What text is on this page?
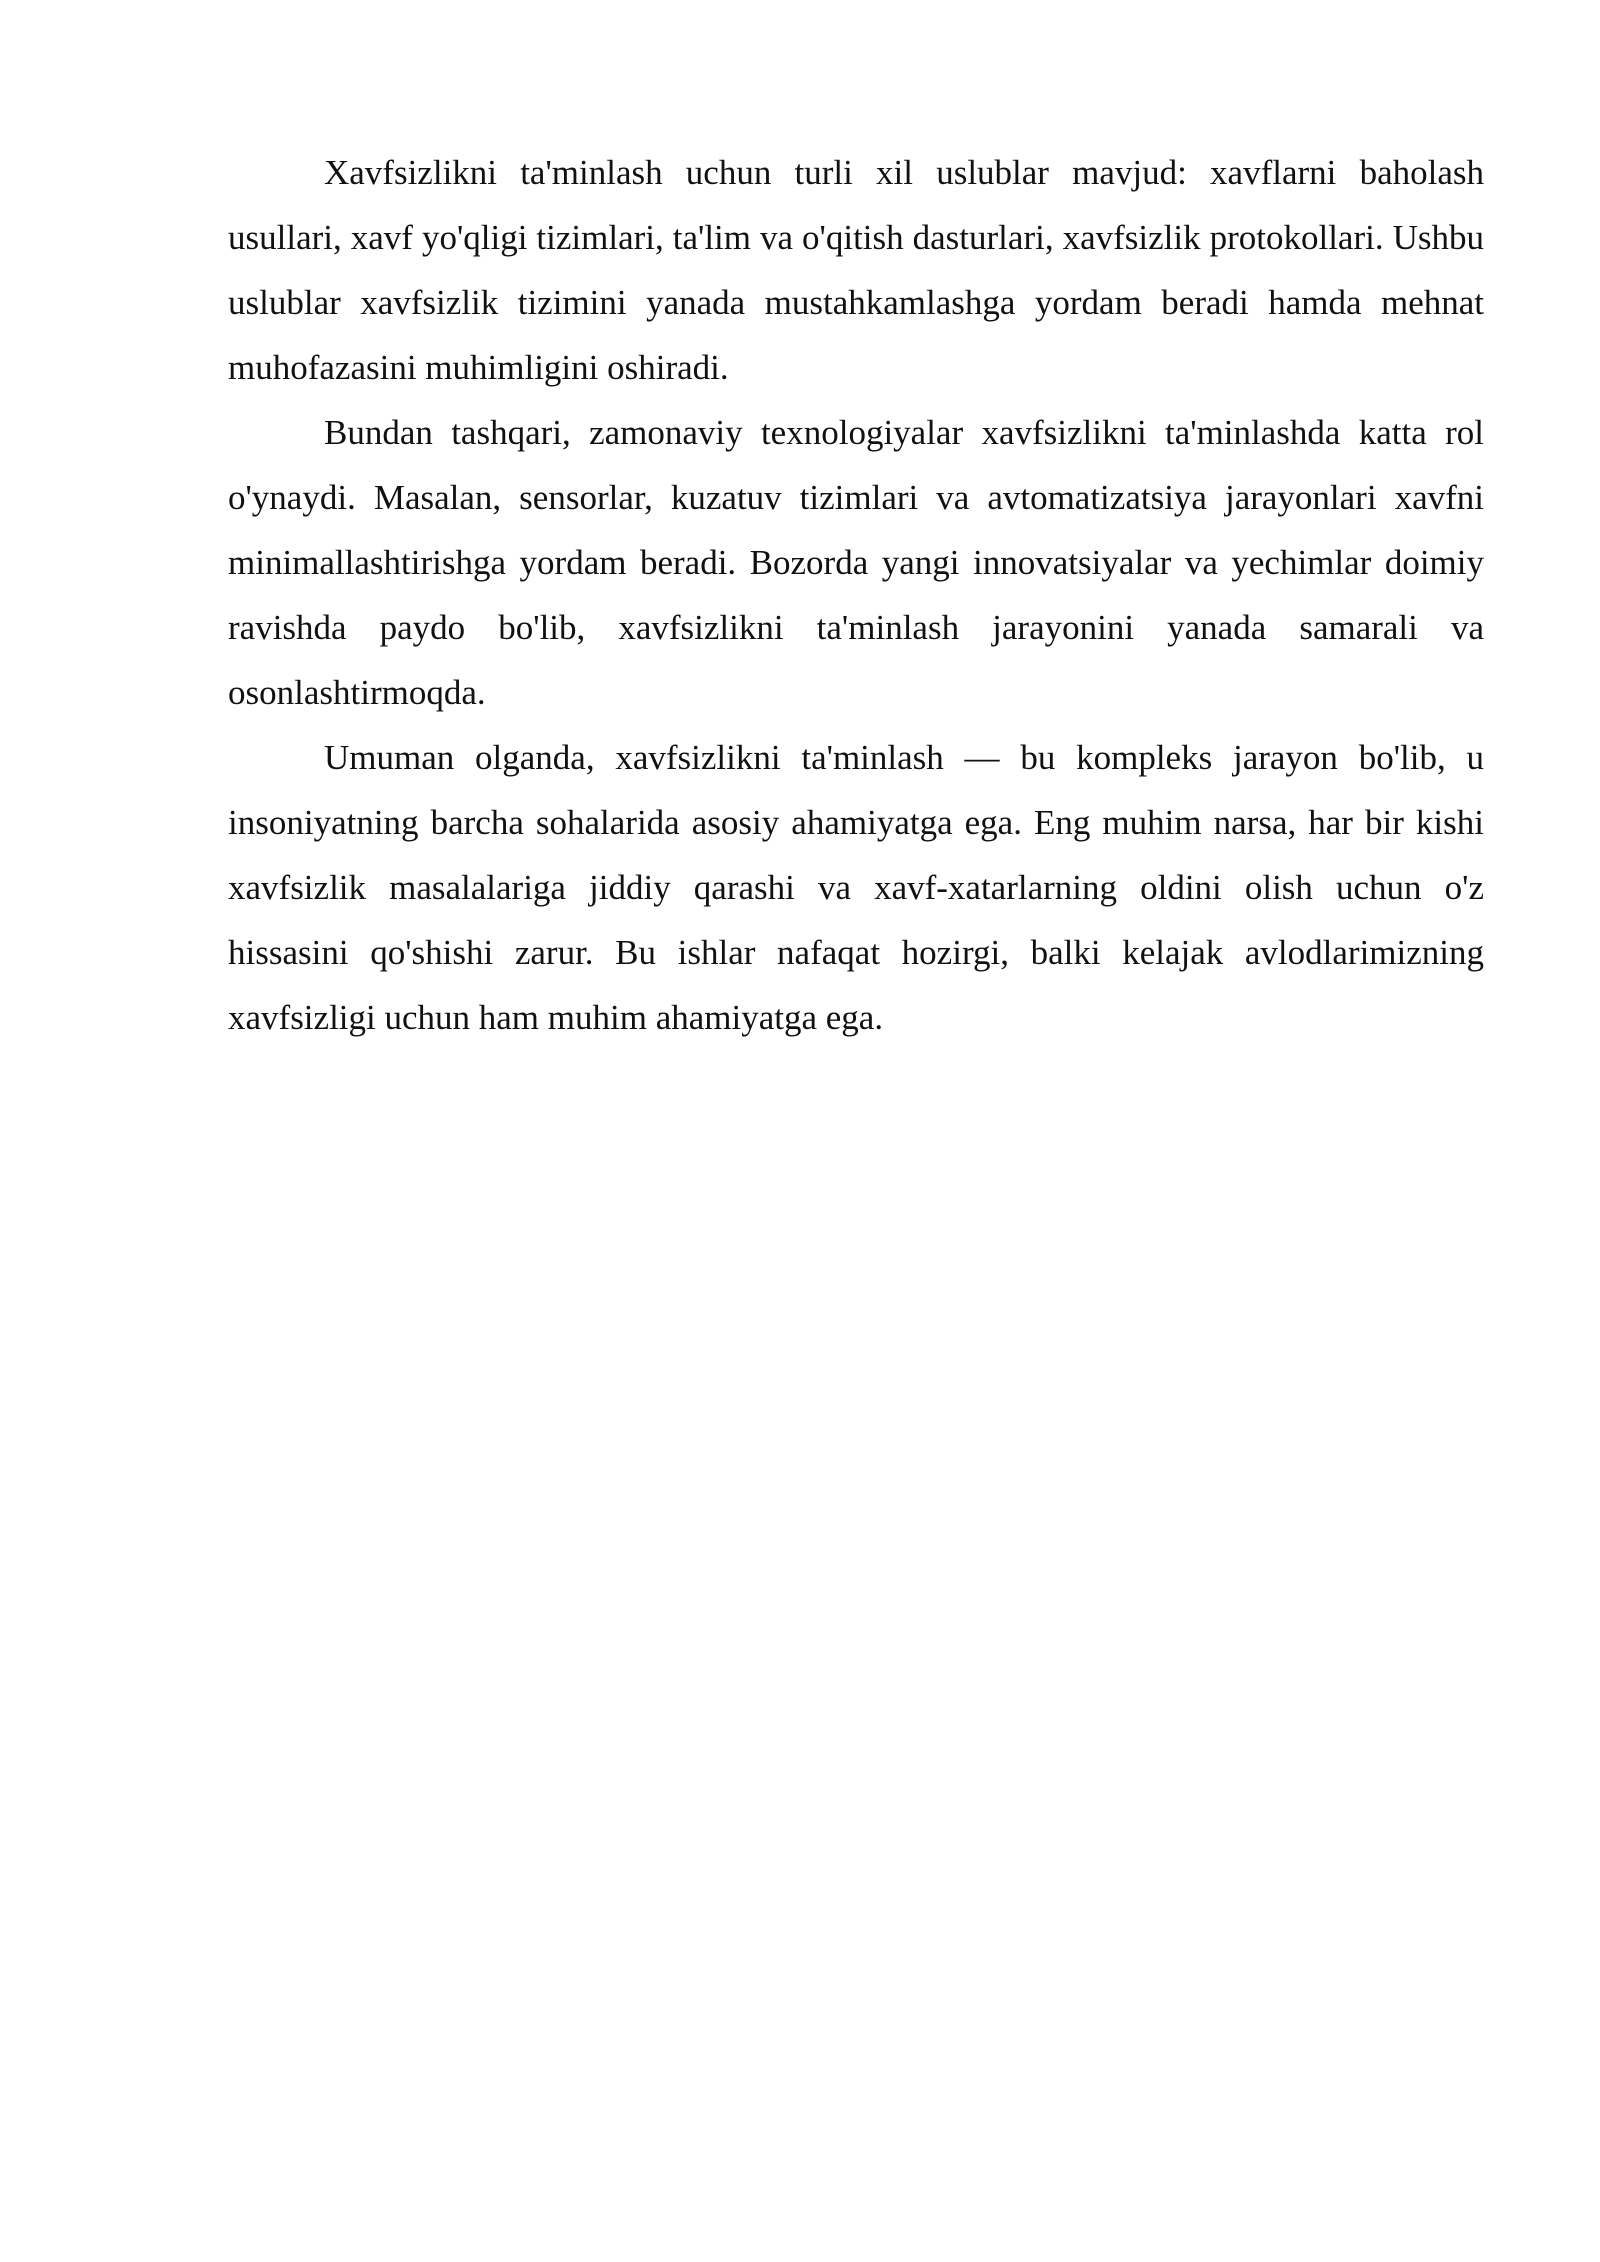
Xavfsizlikni ta'minlash uchun turli xil uslublar mavjud: xavflarni baholash usullari, xavf yo'qligi tizimlari, ta'lim va o'qitish dasturlari, xavfsizlik protokollari. Ushbu uslublar xavfsizlik tizimini yanada mustahkamlashga yordam beradi hamda mehnat muhofazasini muhimligini oshiradi.

Bundan tashqari, zamonaviy texnologiyalar xavfsizlikni ta'minlashda katta rol o'ynaydi. Masalan, sensorlar, kuzatuv tizimlari va avtomatizatsiya jarayonlari xavfni minimallashtirishga yordam beradi. Bozorda yangi innovatsiyalar va yechimlar doimiy ravishda paydo bo'lib, xavfsizlikni ta'minlash jarayonini yanada samarali va osonlashtirmoqda.

Umuman olganda, xavfsizlikni ta'minlash — bu kompleks jarayon bo'lib, u insoniyatning barcha sohalarida asosiy ahamiyatga ega. Eng muhim narsa, har bir kishi xavfsizlik masalalariga jiddiy qarashi va xavf-xatarlarning oldini olish uchun o'z hissasini qo'shishi zarur. Bu ishlar nafaqat hozirgi, balki kelajak avlodlarimizning xavfsizligi uchun ham muhim ahamiyatga ega.
